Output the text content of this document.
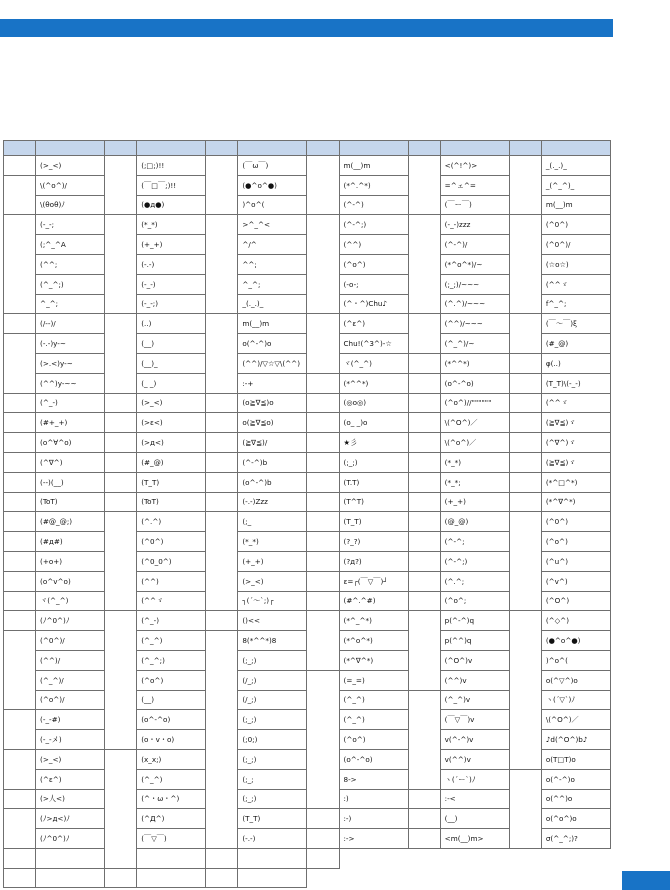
	(>_<)		(;□;)!!		(￣ω￣)		m(__)m		<(^!^)>		_(._.)_
	\(^o^)/		(￣□￣;)!!		(●^o^●)		(*^.^*)		=^ェ^=		_(^_^)_
	\(θoθ)ﾉ		(●д●)		)^o^(		(^-^)		(￣ー￣)		m(__)m
	(-_-;		(*_*)		>^_^<		(^-^;)		(-_-)zzz		(^0^)
	(;^_^A		(+_+)		^/^		(^^)		(^-^)/		(^0^)/
	(^^;		(-.-)		^^;		(^o^)		(*^o^*)/~		(☆o☆)
	(^_^;)		(-_-)		^_^;		(-o-;		(;_;)/~~~		(^^ゞ
	^_^;		(-_-;)		_(._.)_		(^・^)Chu♪		(^.^)/~~~		f^_^;
	(/--)/		(..)		m(__)m		(^ε^)		(^^)/~~~		(￣～￣)ξ
	(-.-)y-~		(__)		o(^-^)o		Chu!(^3^)-☆		(^_^)/~		(#_@)
	(>.<)y-~		(__)_		(^^)/▽☆▽\(^^)		ヾ(^_^)		(*^^*)		φ(..)
	(^^)y-~~		(_ _)		:-+		(*^^*)		(o^-^o)		(T_T)\(-_-)
	(^_-)		(>_<)		(o≧∇≦)o		(◎o◎)		(^o^)//""""""		(^^ゞ
	(#+_+)		(>ε<)		o(≧∇≦o)		(o_ _)o		\(^O^)／		(≧∇≦)ゞ
	(o^∀^o)		(>д<)		(≧∇≦)/		★彡		\(^o^)／		(^∇^)ゞ
	(^∇^)		(#_@)		(^-^)b		(;_;)		(*_*)		(≧∇≦)ゞ
	(--)(__)		(T_T)		(o^-^)b		(T.T)		(*_*;		(*^□^*)
	(ToT)		(ToT)		(-.-)Zzz		(T^T)		(+_+)		(*^∇^*)
	(#@_@;)		(^.^)		(;_		(T_T)		(@_@)		(^0^)
	(#д#)		(^0^)		(*_*)		(?_?)		(^-^;		(^o^)
	(+o+)		(^0_0^)		(+_+)		(?д?)		(^-^;)		(^u^)
	(o^v^o)		(^^)		(>_<)		ε=┌(￣▽￣)┘		(^.^;		(^v^)
	ヾ(^_^)		(^^ゞ		┐(´～`;)┌		(#^.^#)		(^o^;		(^O^)
	(ﾉ^0^)ﾉ		(^_-)		()<<		(*^_^*)		p(^-^)q		(^◇^)
	(^0^)/		(^_^)		8(*^^*)8		(*^o^*)		p(^^)q		(●^o^●)
	(^^)/		(^_^;)		(;_;)		(*^∇^*)		(^O^)v		)^o^(
	(^_^)/		(^o^)		(/_;)		(=_=)		(^^)v		o(^▽^)o
	(^o^)/		(__)		(/_;)		(^_^)		(^_^)v		ヽ(´▽`)ﾉ
	(-_-#)		(o^-^o)		(;_;)		(^_^)		(￣▽￣)v		\(^O^)／
	(-_-メ)		(o・v・o)		(;0;)		(^o^)		v(^-^)v		♪d(^O^)b♪
	(>_<)		(x_x;)		(;_;)		(o^-^o)		v(^^)v		o(T□T)o
	(^ε^)		(^_^)		(;_;		8->		ヽ(´ー`)ﾉ		o(^-^)o
	(>人<)		(^・ω・^)		(;_;)		:)		:-<		o(^^)o
	(ﾉ>д<)ﾉ		(^Д^)		(T_T)		:-)		(__)		o(^o^)o
	(ﾉ^0^)ﾉ		(￣▽￣)		(-.-)		:->		<m(__)m>		σ(^_^;)?
